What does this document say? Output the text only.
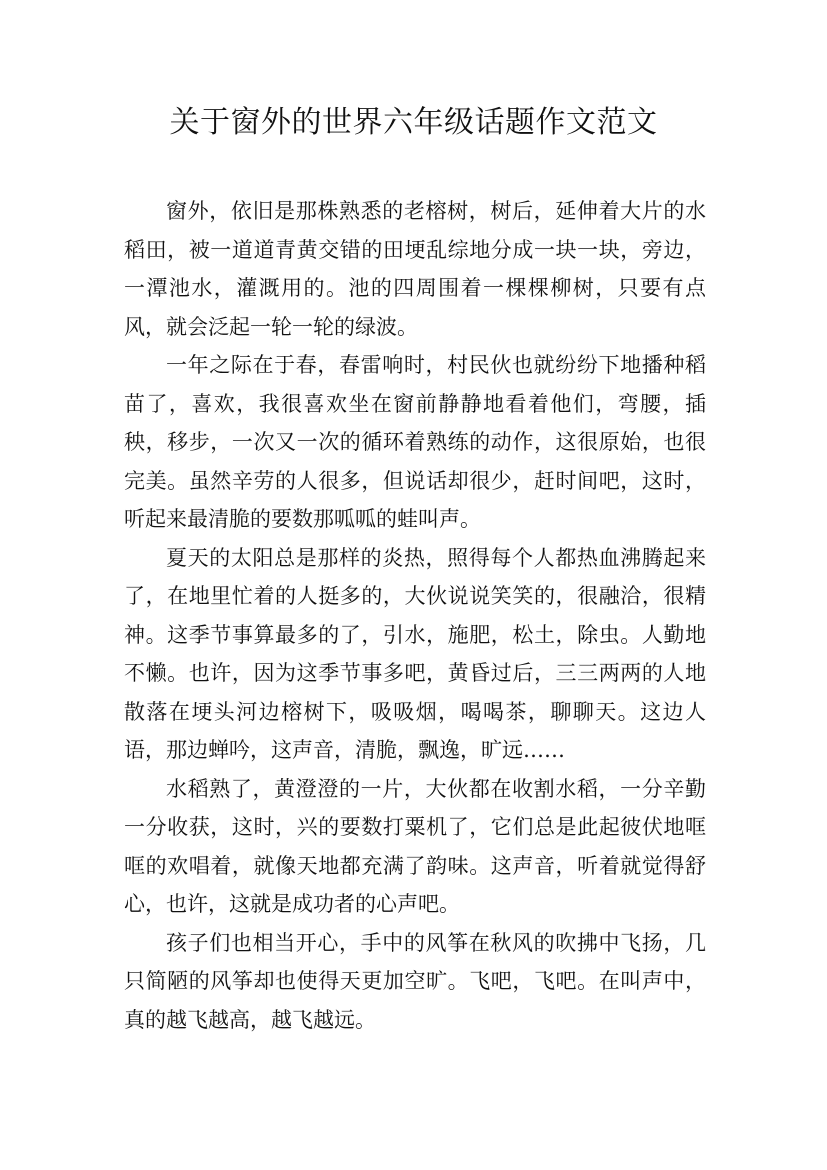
关于窗外的世界六年级话题作文范文

窗外，依旧是那株熟悉的老榕树，树后，延伸着大片的水稻田，被一道道青黄交错的田埂乱综地分成一块一块，旁边，一潭池水，灌溉用的。池的四周围着一棵棵柳树，只要有点风，就会泛起一轮一轮的绿波。

一年之际在于春，春雷响时，村民伙也就纷纷下地播种稻苗了，喜欢，我很喜欢坐在窗前静静地看着他们，弯腰，插秧，移步，一次又一次的循环着熟练的动作，这很原始，也很完美。虽然辛劳的人很多，但说话却很少，赶时间吧，这时，听起来最清脆的要数那呱呱的蛙叫声。

夏天的太阳总是那样的炎热，照得每个人都热血沸腾起来了，在地里忙着的人挺多的，大伙说说笑笑的，很融洽，很精神。这季节事算最多的了，引水，施肥，松土，除虫。人勤地不懒。也许，因为这季节事多吧，黄昏过后，三三两两的人地散落在埂头河边榕树下，吸吸烟，喝喝茶，聊聊天。这边人语，那边蝉吟，这声音，清脆，飘逸，旷远……

水稻熟了，黄澄澄的一片，大伙都在收割水稻，一分辛勤一分收获，这时，兴的要数打粟机了，它们总是此起彼伏地哐哐的欢唱着，就像天地都充满了韵味。这声音，听着就觉得舒心，也许，这就是成功者的心声吧。

孩子们也相当开心，手中的风筝在秋风的吹拂中飞扬，几只简陋的风筝却也使得天更加空旷。飞吧，飞吧。在叫声中，真的越飞越高，越飞越远。
